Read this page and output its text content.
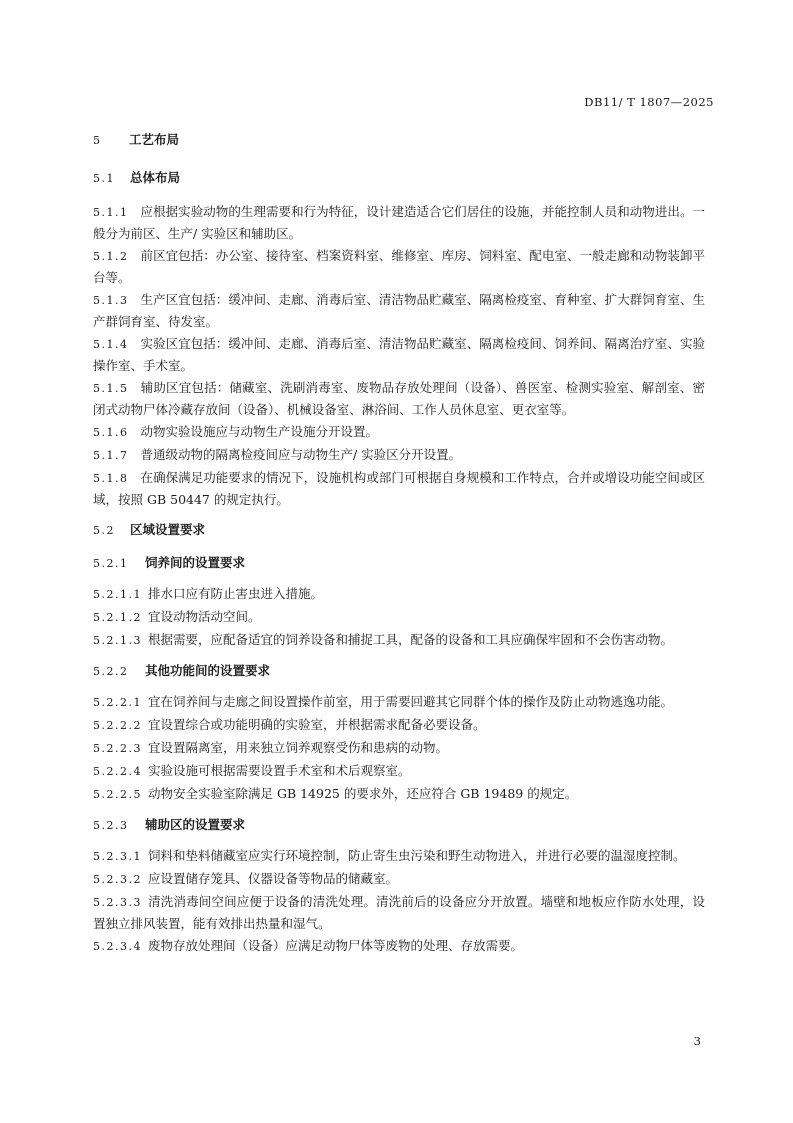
DB11/ T 1807—2025
5 工艺布局
5.1 总体布局

5.1.1 应根据实验动物的生理需要和行为特征，设计建造适合它们居住的设施，并能控制人员和动物进出。一般分为前区、生产/ 实验区和辅助区。

5.1.2 前区宜包括：办公室、接待室、档案资料室、维修室、库房、饲料室、配电室、一般走廊和动物装卸平台等。

5.1.3 生产区宜包括：缓冲间、走廊、消毒后室、清洁物品贮藏室、隔离检疫室、育种室、扩大群饲育室、生产群饲育室、待发室。

5.1.4 实验区宜包括：缓冲间、走廊、消毒后室、清洁物品贮藏室、隔离检疫间、饲养间、隔离治疗室、实验操作室、手术室。

5.1.5 辅助区宜包括：储藏室、洗刷消毒室、废物品存放处理间（设备）、兽医室、检测实验室、解剖室、密闭式动物尸体冷藏存放间（设备）、机械设备室、淋浴间、工作人员休息室、更衣室等。

5.1.6 动物实验设施应与动物生产设施分开设置。

5.1.7 普通级动物的隔离检疫间应与动物生产/ 实验区分开设置。

5.1.8 在确保满足功能要求的情况下，设施机构或部门可根据自身规模和工作特点，合并或增设功能空间或区域，按照 GB 50447 的规定执行。

5.2 区域设置要求
5.2.1 饲养间的设置要求

5.2.1.1 排水口应有防止害虫进入措施。

5.2.1.2 宜设动物活动空间。

5.2.1.3 根据需要，应配备适宜的饲养设备和捕捉工具，配备的设备和工具应确保牢固和不会伤害动物。

5.2.2 其他功能间的设置要求

5.2.2.1 宜在饲养间与走廊之间设置操作前室，用于需要回避其它同群个体的操作及防止动物逃逸功能。

5.2.2.2 宜设置综合或功能明确的实验室，并根据需求配备必要设备。

5.2.2.3 宜设置隔离室，用来独立饲养观察受伤和患病的动物。

5.2.2.4 实验设施可根据需要设置手术室和术后观察室。

5.2.2.5 动物安全实验室除满足 GB 14925 的要求外，还应符合 GB 19489 的规定。

5.2.3 辅助区的设置要求

5.2.3.1 饲料和垫料储藏室应实行环境控制，防止寄生虫污染和野生动物进入，并进行必要的温湿度控制。

5.2.3.2 应设置储存笼具、仪器设备等物品的储藏室。

5.2.3.3 清洗消毒间空间应便于设备的清洗处理。清洗前后的设备应分开放置。墙壁和地板应作防水处理，设置独立排风装置，能有效排出热量和湿气。

5.2.3.4 废物存放处理间（设备）应满足动物尸体等废物的处理、存放需要。

3
